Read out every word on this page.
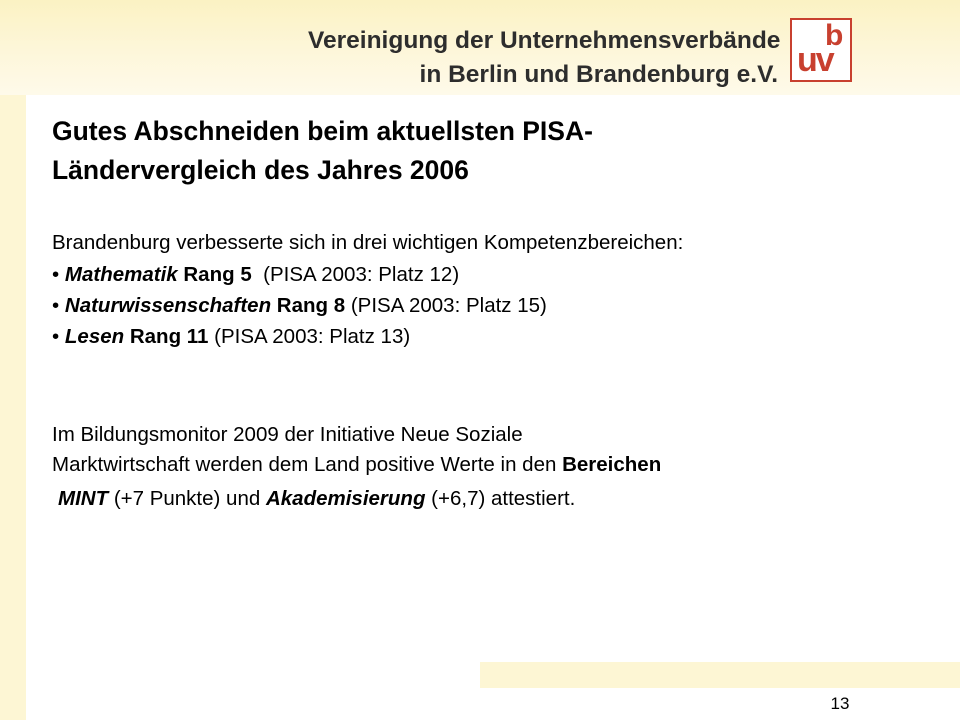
Vereinigung der Unternehmensverbände
in Berlin und Brandenburg e.V. uv
b
Gutes Abschneiden beim aktuellsten PISA-
Ländervergleich des Jahres 2006
Brandenburg verbesserte sich in drei wichtigen Kompetenzbereichen:
• Mathematik Rang 5 (PISA 2003: Platz 12)
• Naturwissenschaften Rang 8 (PISA 2003: Platz 15)
• Lesen Rang 11 (PISA 2003: Platz 13)
Im Bildungsmonitor 2009 der Initiative Neue Soziale
Marktwirtschaft werden dem Land positive Werte in den Bereichen
MINT (+7 Punkte) und Akademisierung (+6,7) attestiert.
13
